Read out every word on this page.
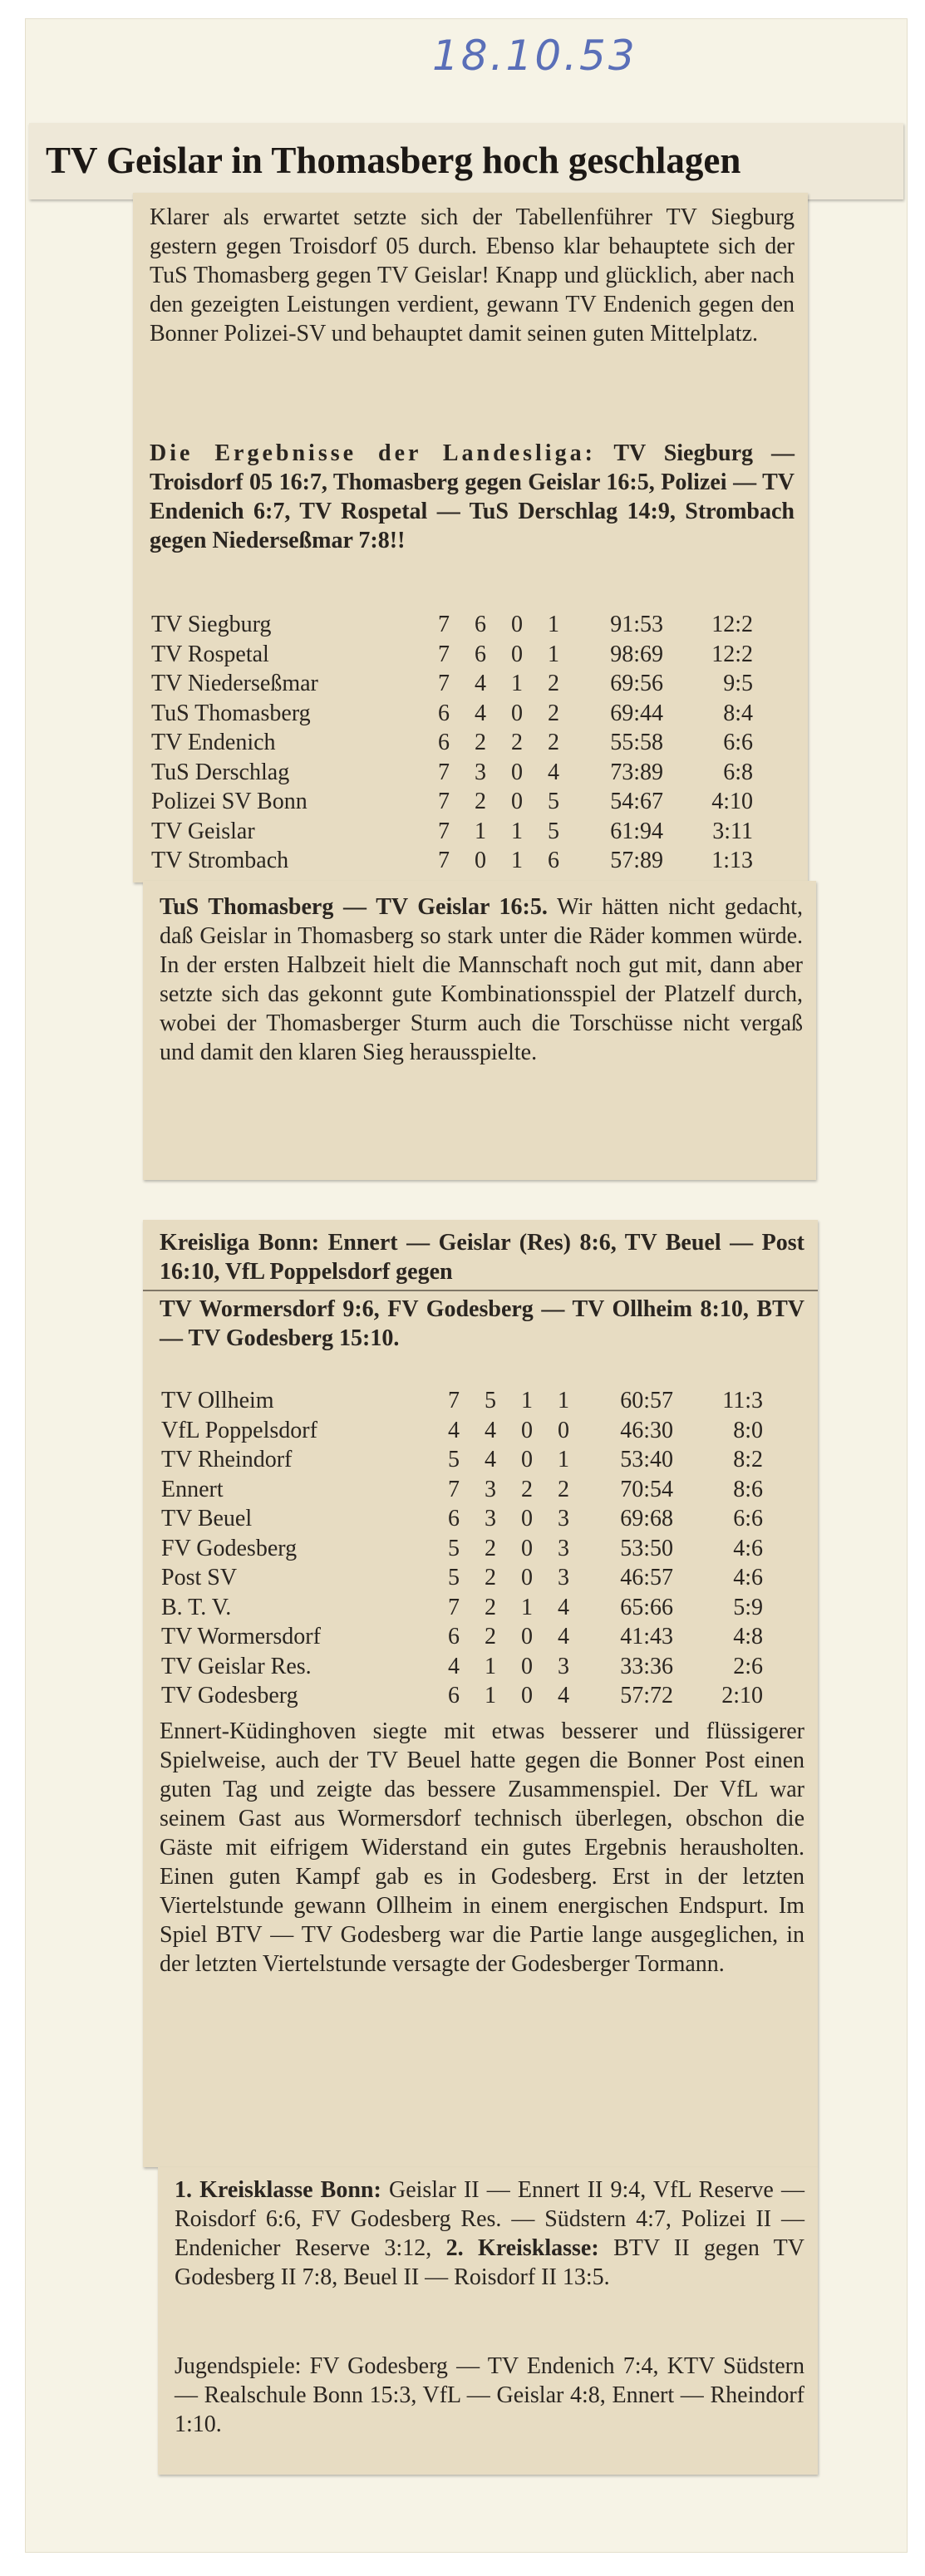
18.10.53
TV Geislar in Thomasberg hoch geschlagen

Klarer als erwartet setzte sich der Tabellenführer TV Siegburg gestern gegen Troisdorf 05 durch. Ebenso klar behauptete sich der TuS Thomasberg gegen TV Geislar! Knapp und glücklich, aber nach den gezeigten Leistungen verdient, gewann TV Endenich gegen den Bonner Polizei-SV und behauptet damit seinen guten Mittelplatz.

Die Ergebnisse der Landesliga: TV Siegburg — Troisdorf 05 16:7, Thomasberg gegen Geislar 16:5, Polizei — TV Endenich 6:7, TV Rospetal — TuS Derschlag 14:9, Strombach gegen Niederseßmar 7:8!!

TV Siegburg	7	6	0	1	91:53	12:2
TV Rospetal	7	6	0	1	98:69	12:2
TV Niederseßmar	7	4	1	2	69:56	9:5
TuS Thomasberg	6	4	0	2	69:44	8:4
TV Endenich	6	2	2	2	55:58	6:6
TuS Derschlag	7	3	0	4	73:89	6:8
Polizei SV Bonn	7	2	0	5	54:67	4:10
TV Geislar	7	1	1	5	61:94	3:11
TV Strombach	7	0	1	6	57:89	1:13

TuS Thomasberg — TV Geislar 16:5. Wir hätten nicht gedacht, daß Geislar in Thomasberg so stark unter die Räder kommen würde. In der ersten Halbzeit hielt die Mannschaft noch gut mit, dann aber setzte sich das gekonnt gute Kombinationsspiel der Platzelf durch, wobei der Thomasberger Sturm auch die Torschüsse nicht vergaß und damit den klaren Sieg herausspielte.

Kreisliga Bonn: Ennert — Geislar (Res) 8:6, TV Beuel — Post 16:10, VfL Poppelsdorf gegen

TV Wormersdorf 9:6, FV Godesberg — TV Ollheim 8:10, BTV — TV Godesberg 15:10.

TV Ollheim	7	5	1	1	60:57	11:3
VfL Poppelsdorf	4	4	0	0	46:30	8:0
TV Rheindorf	5	4	0	1	53:40	8:2
Ennert	7	3	2	2	70:54	8:6
TV Beuel	6	3	0	3	69:68	6:6
FV Godesberg	5	2	0	3	53:50	4:6
Post SV	5	2	0	3	46:57	4:6
B. T. V.	7	2	1	4	65:66	5:9
TV Wormersdorf	6	2	0	4	41:43	4:8
TV Geislar Res.	4	1	0	3	33:36	2:6
TV Godesberg	6	1	0	4	57:72	2:10

Ennert-Küdinghoven siegte mit etwas besserer und flüssigerer Spielweise, auch der TV Beuel hatte gegen die Bonner Post einen guten Tag und zeigte das bessere Zusammenspiel. Der VfL war seinem Gast aus Wormersdorf technisch überlegen, obschon die Gäste mit eifrigem Widerstand ein gutes Ergebnis herausholten. Einen guten Kampf gab es in Godesberg. Erst in der letzten Viertelstunde gewann Ollheim in einem energischen Endspurt. Im Spiel BTV — TV Godesberg war die Partie lange ausgeglichen, in der letzten Viertelstunde versagte der Godesberger Tormann.

1. Kreisklasse Bonn: Geislar II — Ennert II 9:4, VfL Reserve — Roisdorf 6:6, FV Godesberg Res. — Südstern 4:7, Polizei II — Endenicher Reserve 3:12, 2. Kreisklasse: BTV II gegen TV Godesberg II 7:8, Beuel II — Roisdorf II 13:5.

Jugendspiele: FV Godesberg — TV Endenich 7:4, KTV Südstern — Realschule Bonn 15:3, VfL — Geislar 4:8, Ennert — Rheindorf 1:10.
